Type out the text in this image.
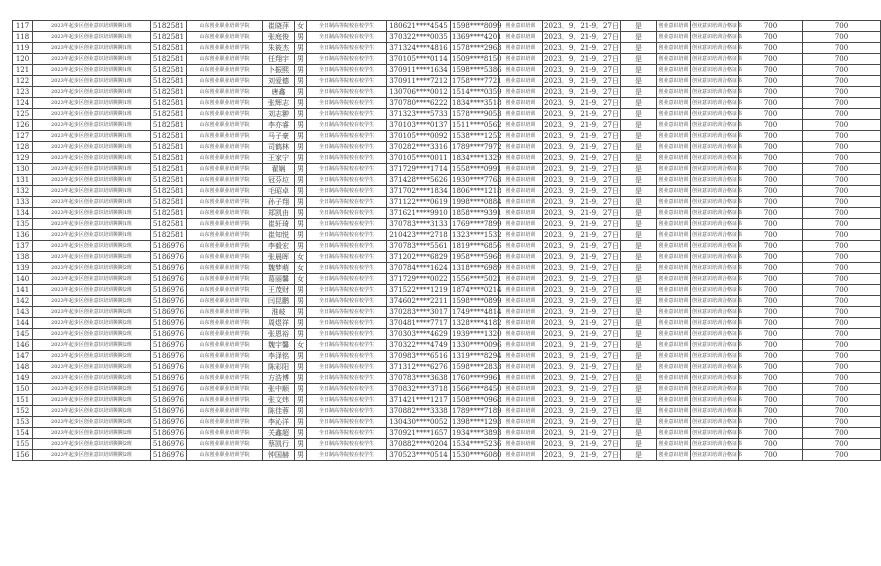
117	2023年起步区创业意识培训期期1班	5182581	山东创业职业培训学院	崔晓萍	女	全日制高等院校在校学生	180621****4545	1598****8099	创业意识培训	2023．9．21-9．27日	是	创业意识培训	创业意识培训合格证书	700	700
118	2023年起步区创业意识培训期期1班	5182581	山东创业职业培训学院	张庭俊	男	全日制高等院校在校学生	370322****0035	1369****4201	创业意识培训	2023．9．21-9．27日	是	创业意识培训	创业意识培训合格证书	700	700
119	2023年起步区创业意识培训期期1班	5182581	山东创业职业培训学院	朱筱杰	男	全日制高等院校在校学生	371324****4816	1578****2963	创业意识培训	2023．9．21-9．27日	是	创业意识培训	创业意识培训合格证书	700	700
120	2023年起步区创业意识培训期期1班	5182581	山东创业职业培训学院	任翔宇	男	全日制高等院校在校学生	370105****0114	1509****8150	创业意识培训	2023．9．21-9．27日	是	创业意识培训	创业意识培训合格证书	700	700
121	2023年起步区创业意识培训期期1班	5182581	山东创业职业培训学院	卜振熙	男	全日制高等院校在校学生	370911****1634	1598****5386	创业意识培训	2023．9．21-9．27日	是	创业意识培训	创业意识培训合格证书	700	700
122	2023年起步区创业意识培训期期1班	5182581	山东创业职业培训学院	刘爱德	男	全日制高等院校在校学生	370911****7212	1758****7721	创业意识培训	2023．9．21-9．27日	是	创业意识培训	创业意识培训合格证书	700	700
123	2023年起步区创业意识培训期期1班	5182581	山东创业职业培训学院	唐鑫	男	全日制高等院校在校学生	130706****0012	1514****0359	创业意识培训	2023．9．21-9．27日	是	创业意识培训	创业意识培训合格证书	700	700
124	2023年起步区创业意识培训期期1班	5182581	山东创业职业培训学院	张辉志	男	全日制高等院校在校学生	370780****6222	1834****3518	创业意识培训	2023．9．21-9．27日	是	创业意识培训	创业意识培训合格证书	700	700
125	2023年起步区创业意识培训期期1班	5182581	山东创业职业培训学院	刘志翀	男	全日制高等院校在校学生	371323****5733	1578****9053	创业意识培训	2023．9．21-9．27日	是	创业意识培训	创业意识培训合格证书	700	700
126	2023年起步区创业意识培训期期1班	5182581	山东创业职业培训学院	李亦睿	男	全日制高等院校在校学生	370103****0137	1511****0562	创业意识培训	2023．9．21-9．27日	是	创业意识培训	创业意识培训合格证书	700	700
127	2023年起步区创业意识培训期期1班	5182581	山东创业职业培训学院	马子豪	男	全日制高等院校在校学生	370105****0092	1538****1252	创业意识培训	2023．9．21-9．27日	是	创业意识培训	创业意识培训合格证书	700	700
128	2023年起步区创业意识培训期期1班	5182581	山东创业职业培训学院	司鹤林	男	全日制高等院校在校学生	370282****3316	1789****7972	创业意识培训	2023．9．21-9．27日	是	创业意识培训	创业意识培训合格证书	700	700
129	2023年起步区创业意识培训期期1班	5182581	山东创业职业培训学院	王家宁	男	全日制高等院校在校学生	370105****0011	1834****1329	创业意识培训	2023．9．21-9．27日	是	创业意识培训	创业意识培训合格证书	700	700
130	2023年起步区创业意识培训期期1班	5182581	山东创业职业培训学院	翟娴	男	全日制高等院校在校学生	371729****1714	1558****0991	创业意识培训	2023．9．21-9．27日	是	创业意识培训	创业意识培训合格证书	700	700
131	2023年起步区创业意识培训期期1班	5182581	山东创业职业培训学院	冠芬垃	男	全日制高等院校在校学生	371428****5626	1930****7763	创业意识培训	2023．9．21-9．27日	是	创业意识培训	创业意识培训合格证书	700	700
132	2023年起步区创业意识培训期期1班	5182581	山东创业职业培训学院	毛昭卓	男	全日制高等院校在校学生	371702****1834	1806****1218	创业意识培训	2023．9．21-9．27日	是	创业意识培训	创业意识培训合格证书	700	700
133	2023年起步区创业意识培训期期1班	5182581	山东创业职业培训学院	孙子翔	男	全日制高等院校在校学生	371122****0619	1998****0884	创业意识培训	2023．9．21-9．27日	是	创业意识培训	创业意识培训合格证书	700	700
134	2023年起步区创业意识培训期期1班	5182581	山东创业职业培训学院	郑凯由	男	全日制高等院校在校学生	371621****9910	1858****9391	创业意识培训	2023．9．21-9．27日	是	创业意识培训	创业意识培训合格证书	700	700
135	2023年起步区创业意识培训期期1班	5182581	山东创业职业培训学院	崔轩琦	男	全日制高等院校在校学生	370783****3133	1769****7899	创业意识培训	2023．9．21-9．27日	是	创业意识培训	创业意识培训合格证书	700	700
136	2023年起步区创业意识培训期期1班	5182581	山东创业职业培训学院	崔知悦	男	全日制高等院校在校学生	210423****2718	1323****1532	创业意识培训	2023．9．21-9．27日	是	创业意识培训	创业意识培训合格证书	700	700
137	2023年起步区创业意识培训期期2班	5186976	山东创业职业培训学院	李毅宏	男	全日制高等院校在校学生	370783****5561	1819****6856	创业意识培训	2023．9．21-9．27日	是	创业意识培训	创业意识培训合格证书	700	700
138	2023年起步区创业意识培训期期2班	5186976	山东创业职业培训学院	张晨晖	女	全日制高等院校在校学生	371202****6829	1958****5968	创业意识培训	2023．9．21-9．27日	是	创业意识培训	创业意识培训合格证书	700	700
139	2023年起步区创业意识培训期期2班	5186976	山东创业职业培训学院	魏梦萌	女	全日制高等院校在校学生	370784****1624	1318****6989	创业意识培训	2023．9．21-9．27日	是	创业意识培训	创业意识培训合格证书	700	700
140	2023年起步区创业意识培训期期2班	5186976	山东创业职业培训学院	葛丽馨	女	全日制高等院校在校学生	371729****0022	1556****5021	创业意识培训	2023．9．21-9．27日	是	创业意识培训	创业意识培训合格证书	700	700
141	2023年起步区创业意识培训期期2班	5186976	山东创业职业培训学院	王茂财	男	全日制高等院校在校学生	371522****1219	1874****0214	创业意识培训	2023．9．21-9．27日	是	创业意识培训	创业意识培训合格证书	700	700
142	2023年起步区创业意识培训期期2班	5186976	山东创业职业培训学院	闫昆鹏	男	全日制高等院校在校学生	374602****2211	1598****0899	创业意识培训	2023．9．21-9．27日	是	创业意识培训	创业意识培训合格证书	700	700
143	2023年起步区创业意识培训期期2班	5186976	山东创业职业培训学院	淮岐	男	全日制高等院校在校学生	370283****3017	1749****4814	创业意识培训	2023．9．21-9．27日	是	创业意识培训	创业意识培训合格证书	700	700
144	2023年起步区创业意识培训期期2班	5186976	山东创业职业培训学院	周煜祥	男	全日制高等院校在校学生	370481****7717	1328****4182	创业意识培训	2023．9．21-9．27日	是	创业意识培训	创业意识培训合格证书	700	700
145	2023年起步区创业意识培训期期2班	5186976	山东创业职业培训学院	张恩裕	男	全日制高等院校在校学生	370303****4629	1939****1320	创业意识培训	2023．9．21-9．27日	是	创业意识培训	创业意识培训合格证书	700	700
146	2023年起步区创业意识培训期期2班	5186976	山东创业职业培训学院	魏宇馨	女	全日制高等院校在校学生	370322****4749	1330****0096	创业意识培训	2023．9．21-9．27日	是	创业意识培训	创业意识培训合格证书	700	700
147	2023年起步区创业意识培训期期2班	5186976	山东创业职业培训学院	李泽铭	男	全日制高等院校在校学生	370983****6516	1319****8294	创业意识培训	2023．9．21-9．27日	是	创业意识培训	创业意识培训合格证书	700	700
148	2023年起步区创业意识培训期期2班	5186976	山东创业职业培训学院	陈彩阳	男	全日制高等院校在校学生	371312****6276	1598****2833	创业意识培训	2023．9．21-9．27日	是	创业意识培训	创业意识培训合格证书	700	700
149	2023年起步区创业意识培训期期2班	5186976	山东创业职业培训学院	方浩博	男	全日制高等院校在校学生	370783****3638	1760****9961	创业意识培训	2023．9．21-9．27日	是	创业意识培训	创业意识培训合格证书	700	700
150	2023年起步区创业意识培训期期2班	5186976	山东创业职业培训学院	张中顺	男	全日制高等院校在校学生	370832****3718	1566****8450	创业意识培训	2023．9．21-9．27日	是	创业意识培训	创业意识培训合格证书	700	700
151	2023年起步区创业意识培训期期2班	5186976	山东创业职业培训学院	张文炜	男	全日制高等院校在校学生	371421****1217	1508****0968	创业意识培训	2023．9．21-9．27日	是	创业意识培训	创业意识培训合格证书	700	700
152	2023年起步区创业意识培训期期2班	5186976	山东创业职业培训学院	陈佳蓉	男	全日制高等院校在校学生	370882****3338	1789****7189	创业意识培训	2023．9．21-9．27日	是	创业意识培训	创业意识培训合格证书	700	700
153	2023年起步区创业意识培训期期2班	5186976	山东创业职业培训学院	李沁洋	男	全日制高等院校在校学生	130430****0052	1398****1293	创业意识培训	2023．9．21-9．27日	是	创业意识培训	创业意识培训合格证书	700	700
154	2023年起步区创业意识培训期期2班	5186976	山东创业职业培训学院	关鑫超	男	全日制高等院校在校学生	370921****1657	1934****3893	创业意识培训	2023．9．21-9．27日	是	创业意识培训	创业意识培训合格证书	700	700
155	2023年起步区创业意识培训期期2班	5186976	山东创业职业培训学院	蔡凯行	男	全日制高等院校在校学生	370882****0204	1534****5236	创业意识培训	2023．9．21-9．27日	是	创业意识培训	创业意识培训合格证书	700	700
156	2023年起步区创业意识培训期期2班	5186976	山东创业职业培训学院	钟国赫	男	全日制高等院校在校学生	370523****0514	1530****6080	创业意识培训	2023．9．21-9．27日	是	创业意识培训	创业意识培训合格证书	700	700
